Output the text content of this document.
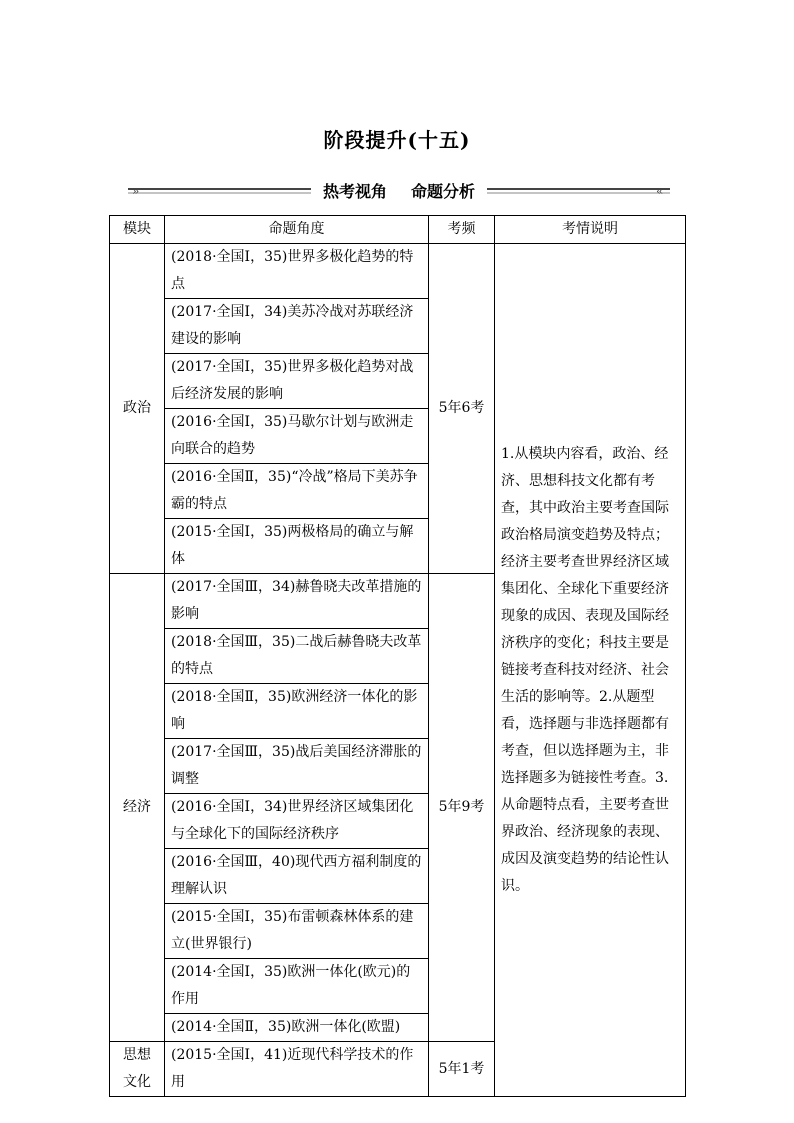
阶段提升(十五)
»	«
热考视角 命题分析
模块	命题角度	考频	考情说明
政治	(2018·全国Ⅰ，35)世界多极化趋势的特点	5年6考	1.从模块内容看，政治、经济、思想科技文化都有考查，其中政治主要考查国际政治格局演变趋势及特点；经济主要考查世界经济区域集团化、全球化下重要经济现象的成因、表现及国际经济秩序的变化；科技主要是链接考查科技对经济、社会生活的影响等。2.从题型看，选择题与非选择题都有考查，但以选择题为主，非选择题多为链接性考查。3.从命题特点看，主要考查世界政治、经济现象的表现、成因及演变趋势的结论性认识。
	(2017·全国Ⅰ，34)美苏冷战对苏联经济建设的影响		
	(2017·全国Ⅰ，35)世界多极化趋势对战后经济发展的影响		
	(2016·全国Ⅰ，35)马歇尔计划与欧洲走向联合的趋势		
	(2016·全国Ⅱ，35)“冷战”格局下美苏争霸的特点		
	(2015·全国Ⅰ，35)两极格局的确立与解体		
经济	(2017·全国Ⅲ，34)赫鲁晓夫改革措施的影响	5年9考	
	(2018·全国Ⅲ，35)二战后赫鲁晓夫改革的特点		
	(2018·全国Ⅱ，35)欧洲经济一体化的影响		
	(2017·全国Ⅲ，35)战后美国经济滞胀的调整		
	(2016·全国Ⅰ，34)世界经济区域集团化与全球化下的国际经济秩序		
	(2016·全国Ⅲ，40)现代西方福利制度的理解认识		
	(2015·全国Ⅰ，35)布雷顿森林体系的建立(世界银行)		
	(2014·全国Ⅰ，35)欧洲一体化(欧元)的作用		
	(2014·全国Ⅱ，35)欧洲一体化(欧盟)		
思想文化	(2015·全国Ⅰ，41)近现代科学技术的作用	5年1考	
